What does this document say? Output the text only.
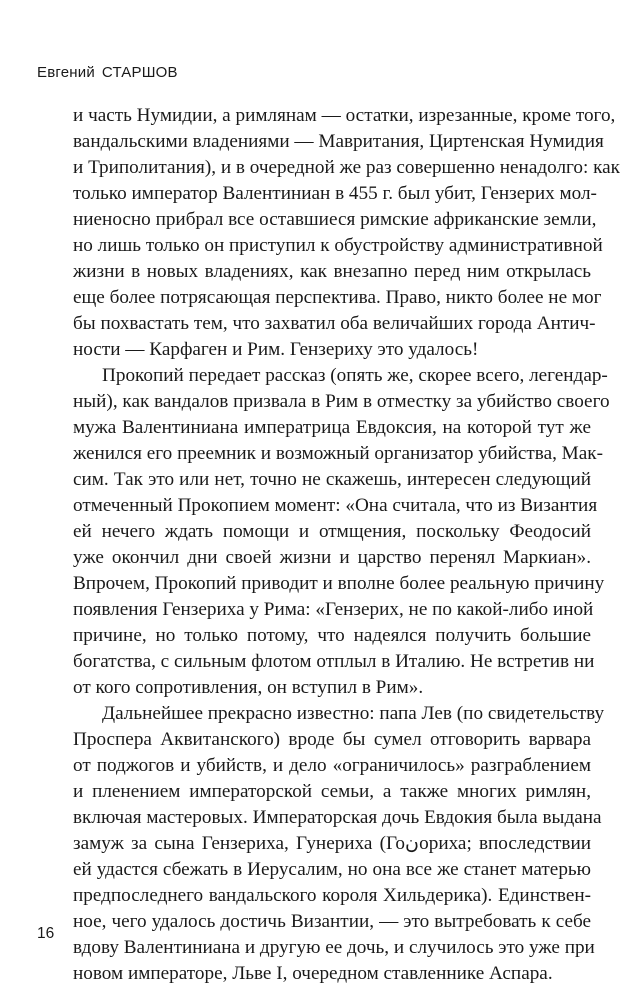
Евгений СТАРШОВ
и часть Нумидии, а римлянам — остатки, изрезанные, кроме того,
вандальскими владениями — Мавритания, Циртенская Нумидия
и Триполитания), и в очередной же раз совершенно ненадолго: как
только император Валентиниан в 455 г. был убит, Гензерих мол-
ниеносно прибрал все оставшиеся римские африканские земли,
но лишь только он приступил к обустройству административной
жизни в новых владениях, как внезапно перед ним открылась
еще более потрясающая перспектива. Право, никто более не мог
бы похвастать тем, что захватил оба величайших города Антич-
ности — Карфаген и Рим. Гензериху это удалось!
Прокопий передает рассказ (опять же, скорее всего, легендар-
ный), как вандалов призвала в Рим в отместку за убийство своего
мужа Валентиниана императрица Евдоксия, на которой тут же
женился его преемник и возможный организатор убийства, Мак-
сим. Так это или нет, точно не скажешь, интересен следующий
отмеченный Прокопием момент: «Она считала, что из Византия
ей нечего ждать помощи и отмщения, поскольку Феодосий
уже окончил дни своей жизни и царство перенял Маркиан».
Впрочем, Прокопий приводит и вполне более реальную причину
появления Гензериха у Рима: «Гензерих, не по какой-либо иной
причине, но только потому, что надеялся получить большие
богатства, с сильным флотом отплыл в Италию. Не встретив ни
от кого сопротивления, он вступил в Рим».
Дальнейшее прекрасно известно: папа Лев (по свидетельству
Проспера Аквитанского) вроде бы сумел отговорить варвара
от поджогов и убийств, и дело «ограничилось» разграблением
и пленением императорской семьи, а также многих римлян,
включая мастеровых. Императорская дочь Евдокия была выдана
замуж за сына Гензериха, Гунериха (Гоنориха; впоследствии
ей удастся сбежать в Иерусалим, но она все же станет матерью
предпоследнего вандальского короля Хильдерика). Единствен-
ное, чего удалось достичь Византии, — это вытребовать к себе
вдову Валентиниана и другую ее дочь, и случилось это уже при
новом императоре, Льве I, очередном ставленнике Аспара.
16
